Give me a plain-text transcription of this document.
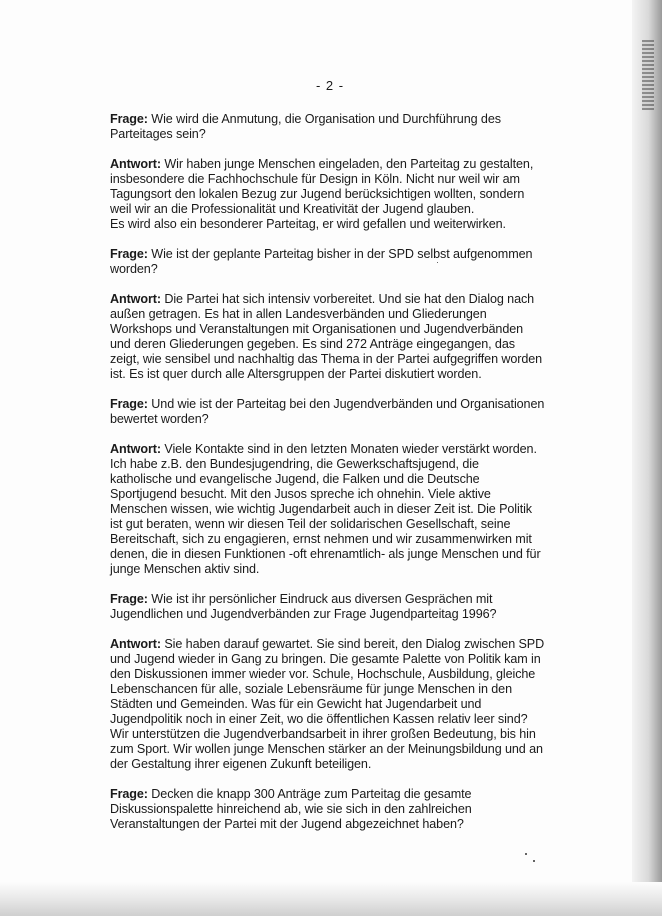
- 2 -

Frage: Wie wird die Anmutung, die Organisation und Durchführung des
Parteitages sein?

Antwort: Wir haben junge Menschen eingeladen, den Parteitag zu gestalten,
insbesondere die Fachhochschule für Design in Köln. Nicht nur weil wir am
Tagungsort den lokalen Bezug zur Jugend berücksichtigen wollten, sondern
weil wir an die Professionalität und Kreativität der Jugend glauben.
Es wird also ein besonderer Parteitag, er wird gefallen und weiterwirken.

Frage: Wie ist der geplante Parteitag bisher in der SPD selbst aufgenommen
worden?

Antwort: Die Partei hat sich intensiv vorbereitet. Und sie hat den Dialog nach
außen getragen. Es hat in allen Landesverbänden und Gliederungen
Workshops und Veranstaltungen mit Organisationen und Jugendverbänden
und deren Gliederungen gegeben. Es sind 272 Anträge eingegangen, das
zeigt, wie sensibel und nachhaltig das Thema in der Partei aufgegriffen worden
ist. Es ist quer durch alle Altersgruppen der Partei diskutiert worden.

Frage: Und wie ist der Parteitag bei den Jugendverbänden und Organisationen
bewertet worden?

Antwort: Viele Kontakte sind in den letzten Monaten wieder verstärkt worden.
Ich habe z.B. den Bundesjugendring, die Gewerkschaftsjugend, die
katholische und evangelische Jugend, die Falken und die Deutsche
Sportjugend besucht. Mit den Jusos spreche ich ohnehin. Viele aktive
Menschen wissen, wie wichtig Jugendarbeit auch in dieser Zeit ist. Die Politik
ist gut beraten, wenn wir diesen Teil der solidarischen Gesellschaft, seine
Bereitschaft, sich zu engagieren, ernst nehmen und wir zusammenwirken mit
denen, die in diesen Funktionen -oft ehrenamtlich- als junge Menschen und für
junge Menschen aktiv sind.

Frage: Wie ist ihr persönlicher Eindruck aus diversen Gesprächen mit
Jugendlichen und Jugendverbänden zur Frage Jugendparteitag 1996?

Antwort: Sie haben darauf gewartet. Sie sind bereit, den Dialog zwischen SPD
und Jugend wieder in Gang zu bringen. Die gesamte Palette von Politik kam in
den Diskussionen immer wieder vor. Schule, Hochschule, Ausbildung, gleiche
Lebenschancen für alle, soziale Lebensräume für junge Menschen in den
Städten und Gemeinden. Was für ein Gewicht hat Jugendarbeit und
Jugendpolitik noch in einer Zeit, wo die öffentlichen Kassen relativ leer sind?
Wir unterstützen die Jugendverbandsarbeit in ihrer großen Bedeutung, bis hin
zum Sport. Wir wollen junge Menschen stärker an der Meinungsbildung und an
der Gestaltung ihrer eigenen Zukunft beteiligen.

Frage: Decken die knapp 300 Anträge zum Parteitag die gesamte
Diskussionspalette hinreichend ab, wie sie sich in den zahlreichen
Veranstaltungen der Partei mit der Jugend abgezeichnet haben?
